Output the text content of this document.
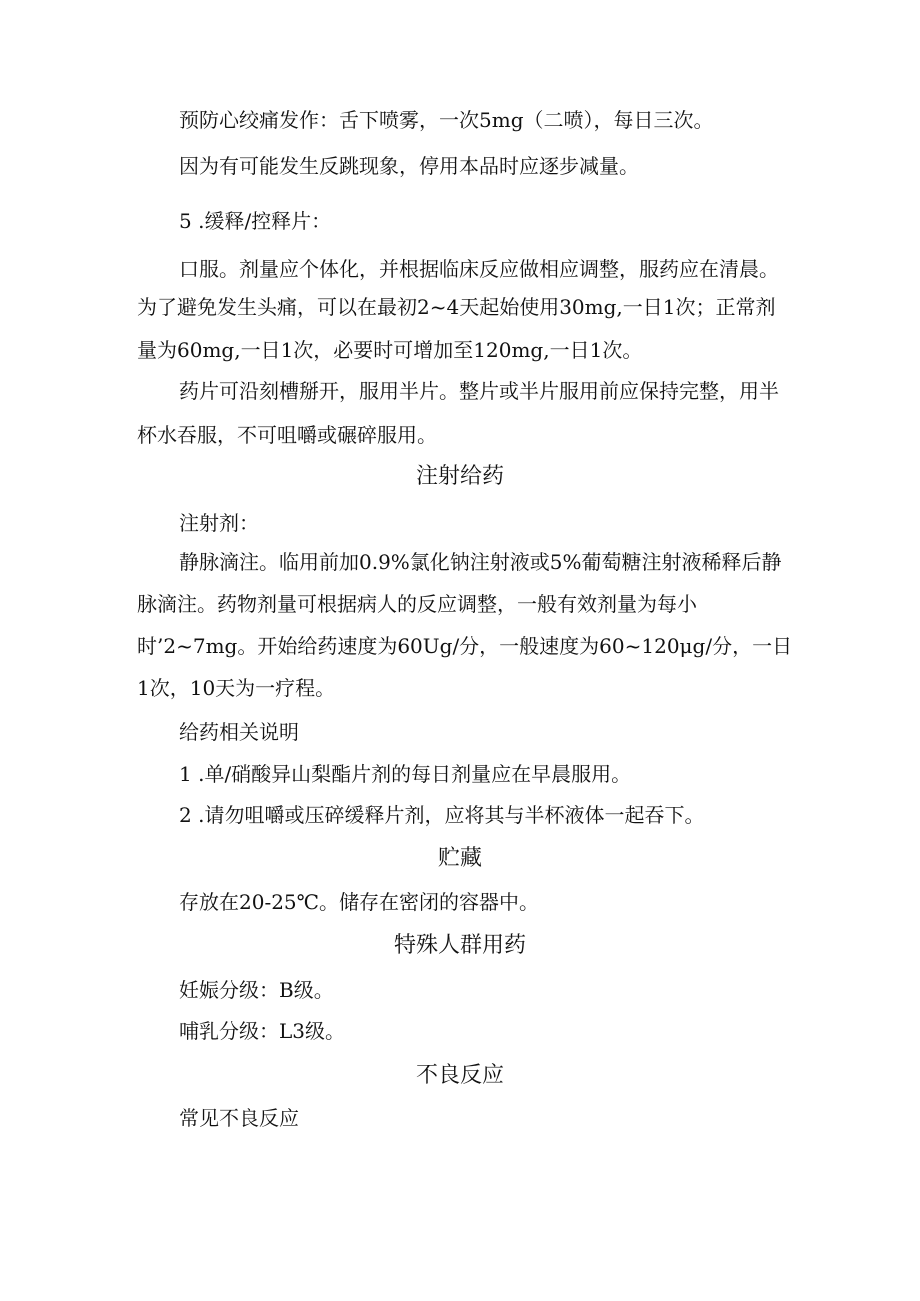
预防心绞痛发作：舌下喷雾，一次5mg（二喷），每日三次。

因为有可能发生反跳现象，停用本品时应逐步减量。

5 .缓释/控释片：

口服。剂量应个体化，并根据临床反应做相应调整，服药应在清晨。

为了避免发生头痛，可以在最初2~4天起始使用30mg,一日1次；正常剂

量为60mg,一日1次，必要时可增加至120mg,一日1次。

药片可沿刻槽掰开，服用半片。整片或半片服用前应保持完整，用半

杯水吞服，不可咀嚼或碾碎服用。

注射给药

注射剂：

静脉滴注。临用前加0.9%氯化钠注射液或5%葡萄糖注射液稀释后静

脉滴注。药物剂量可根据病人的反应调整，一般有效剂量为每小

时’2~7mg。开始给药速度为60Ug/分，一般速度为60~120μg/分，一日

1次，10天为一疗程。

给药相关说明

1 .单/硝酸异山梨酯片剂的每日剂量应在早晨服用。

2 .请勿咀嚼或压碎缓释片剂，应将其与半杯液体一起吞下。

贮藏

存放在20-25℃。储存在密闭的容器中。

特殊人群用药

妊娠分级：B级。

哺乳分级：L3级。

不良反应

常见不良反应
